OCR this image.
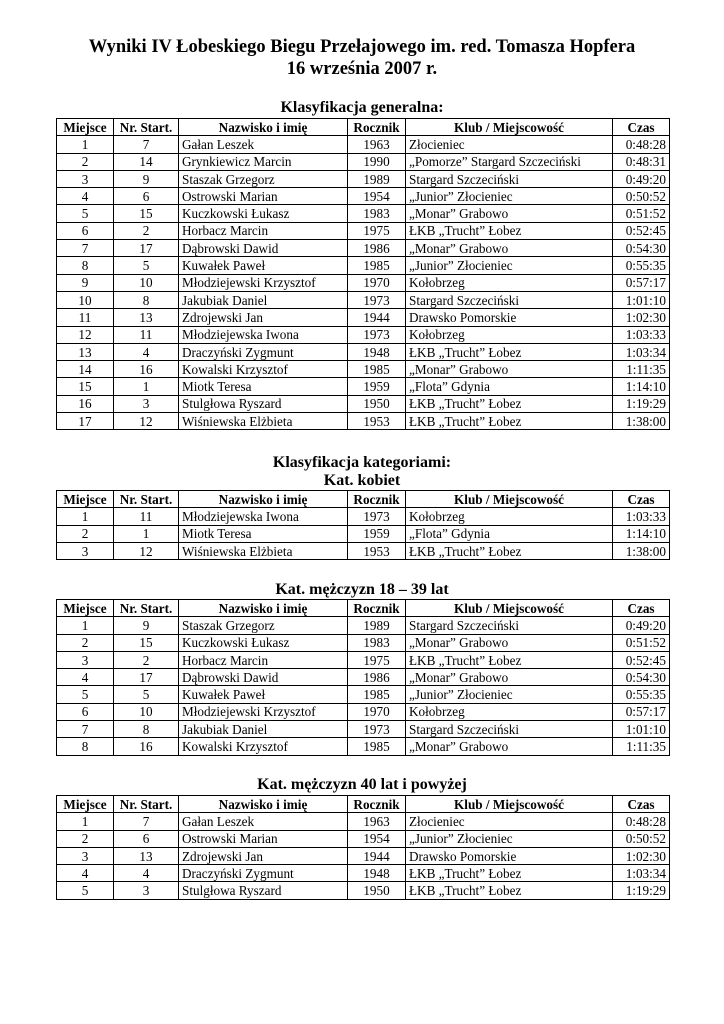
Wyniki IV Łobeskiego Biegu Przełajowego im. red. Tomasza Hopfera
16 września 2007 r.
Klasyfikacja generalna:
Miejsce	Nr. Start.	Nazwisko i imię	Rocznik	Klub / Miejscowość	Czas
1	7	Gałan Leszek	1963	Złocieniec	0:48:28
2	14	Grynkiewicz Marcin	1990	„Pomorze” Stargard Szczeciński	0:48:31
3	9	Staszak Grzegorz	1989	Stargard Szczeciński	0:49:20
4	6	Ostrowski Marian	1954	„Junior” Złocieniec	0:50:52
5	15	Kuczkowski Łukasz	1983	„Monar” Grabowo	0:51:52
6	2	Horbacz Marcin	1975	ŁKB „Trucht” Łobez	0:52:45
7	17	Dąbrowski Dawid	1986	„Monar” Grabowo	0:54:30
8	5	Kuwałek Paweł	1985	„Junior” Złocieniec	0:55:35
9	10	Młodziejewski Krzysztof	1970	Kołobrzeg	0:57:17
10	8	Jakubiak Daniel	1973	Stargard Szczeciński	1:01:10
11	13	Zdrojewski Jan	1944	Drawsko Pomorskie	1:02:30
12	11	Młodziejewska Iwona	1973	Kołobrzeg	1:03:33
13	4	Draczyński Zygmunt	1948	ŁKB „Trucht” Łobez	1:03:34
14	16	Kowalski Krzysztof	1985	„Monar” Grabowo	1:11:35
15	1	Miotk Teresa	1959	„Flota” Gdynia	1:14:10
16	3	Stulgłowa Ryszard	1950	ŁKB „Trucht” Łobez	1:19:29
17	12	Wiśniewska Elżbieta	1953	ŁKB „Trucht” Łobez	1:38:00
Klasyfikacja kategoriami:
Kat. kobiet
Miejsce	Nr. Start.	Nazwisko i imię	Rocznik	Klub / Miejscowość	Czas
1	11	Młodziejewska Iwona	1973	Kołobrzeg	1:03:33
2	1	Miotk Teresa	1959	„Flota” Gdynia	1:14:10
3	12	Wiśniewska Elżbieta	1953	ŁKB „Trucht” Łobez	1:38:00
Kat. mężczyzn 18 – 39 lat
Miejsce	Nr. Start.	Nazwisko i imię	Rocznik	Klub / Miejscowość	Czas
1	9	Staszak Grzegorz	1989	Stargard Szczeciński	0:49:20
2	15	Kuczkowski Łukasz	1983	„Monar” Grabowo	0:51:52
3	2	Horbacz Marcin	1975	ŁKB „Trucht” Łobez	0:52:45
4	17	Dąbrowski Dawid	1986	„Monar” Grabowo	0:54:30
5	5	Kuwałek Paweł	1985	„Junior” Złocieniec	0:55:35
6	10	Młodziejewski Krzysztof	1970	Kołobrzeg	0:57:17
7	8	Jakubiak Daniel	1973	Stargard Szczeciński	1:01:10
8	16	Kowalski Krzysztof	1985	„Monar” Grabowo	1:11:35
Kat. mężczyzn 40 lat i powyżej
Miejsce	Nr. Start.	Nazwisko i imię	Rocznik	Klub / Miejscowość	Czas
1	7	Gałan Leszek	1963	Złocieniec	0:48:28
2	6	Ostrowski Marian	1954	„Junior” Złocieniec	0:50:52
3	13	Zdrojewski Jan	1944	Drawsko Pomorskie	1:02:30
4	4	Draczyński Zygmunt	1948	ŁKB „Trucht” Łobez	1:03:34
5	3	Stulgłowa Ryszard	1950	ŁKB „Trucht” Łobez	1:19:29
